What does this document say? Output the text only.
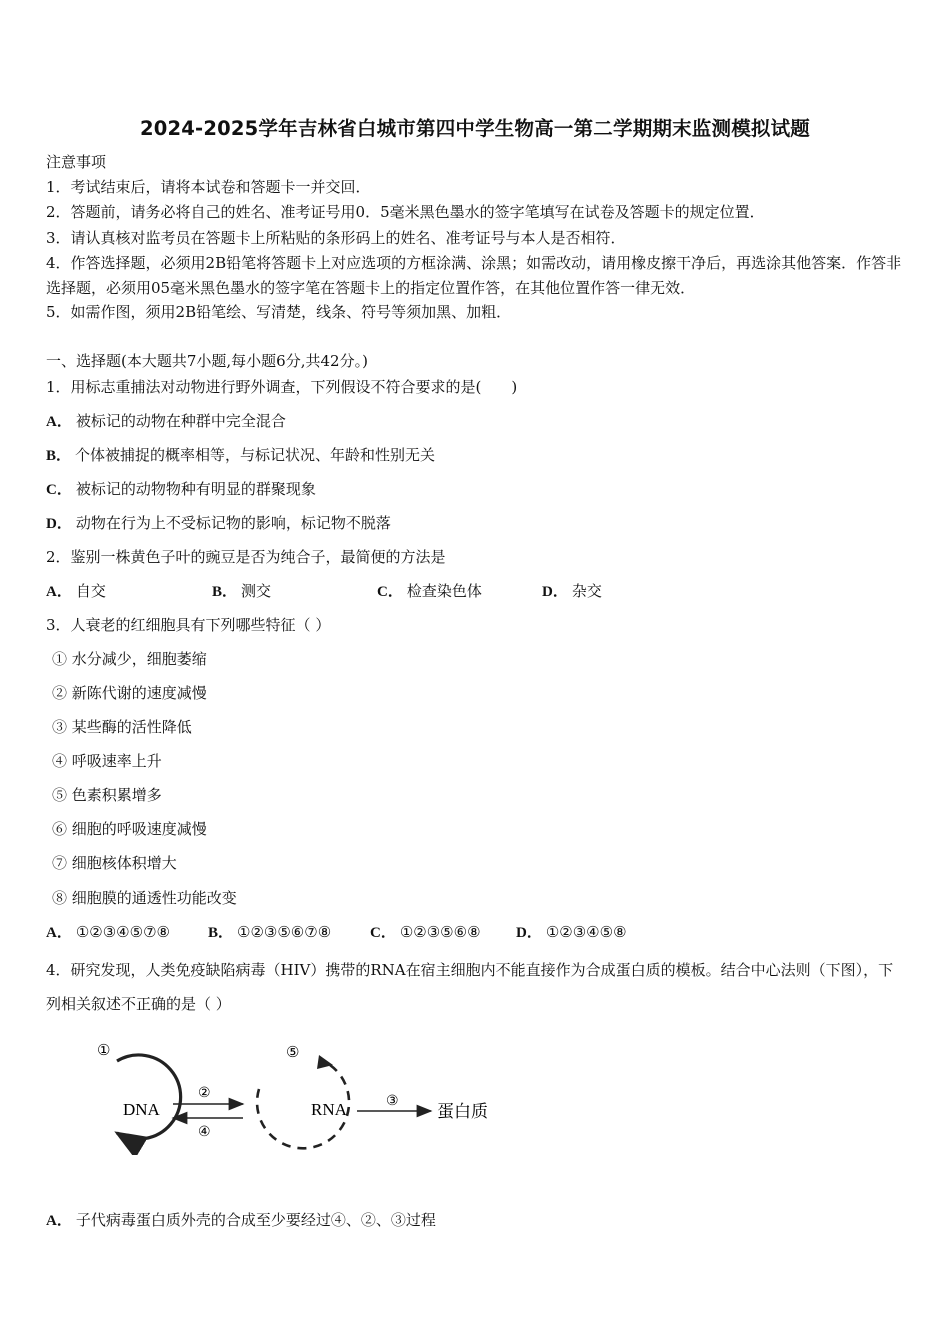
2024-2025学年吉林省白城市第四中学生物高一第二学期期末监测模拟试题
注意事项
1．考试结束后，请将本试卷和答题卡一并交回．
2．答题前，请务必将自己的姓名、准考证号用0．5毫米黑色墨水的签字笔填写在试卷及答题卡的规定位置．
3．请认真核对监考员在答题卡上所粘贴的条形码上的姓名、准考证号与本人是否相符．
4．作答选择题，必须用2B铅笔将答题卡上对应选项的方框涂满、涂黑；如需改动，请用橡皮擦干净后，再选涂其他答案．作答非选择题，必须用05毫米黑色墨水的签字笔在答题卡上的指定位置作答，在其他位置作答一律无效．
5．如需作图，须用2B铅笔绘、写清楚，线条、符号等须加黑、加粗．
一、选择题(本大题共7小题,每小题6分,共42分。)
1．用标志重捕法对动物进行野外调查，下列假设不符合要求的是(　　)
A． 被标记的动物在种群中完全混合
B． 个体被捕捉的概率相等，与标记状况、年龄和性别无关
C． 被标记的动物物种有明显的群聚现象
D． 动物在行为上不受标记物的影响，标记物不脱落
2．鉴别一株黄色子叶的豌豆是否为纯合子，最简便的方法是
A． 自交	B． 测交	C． 检查染色体	D． 杂交
3．人衰老的红细胞具有下列哪些特征（ ）
① 水分减少，细胞萎缩
② 新陈代谢的速度减慢
③ 某些酶的活性降低
④ 呼吸速率上升
⑤ 色素积累增多
⑥ 细胞的呼吸速度减慢
⑦ 细胞核体积增大
⑧ 细胞膜的通透性功能改变
A． ①②③④⑤⑦⑧	B． ①②③⑤⑥⑦⑧	C． ①②③⑤⑥⑧ D． ①②③④⑤⑧
4．研究发现，人类免疫缺陷病毒（HIV）携带的RNA在宿主细胞内不能直接作为合成蛋白质的模板。结合中心法则（下图），下列相关叙述不正确的是（ ）
①
DNA
②
④
⑤
RNA	③
蛋白质
A． 子代病毒蛋白质外壳的合成至少要经过④、②、③过程
